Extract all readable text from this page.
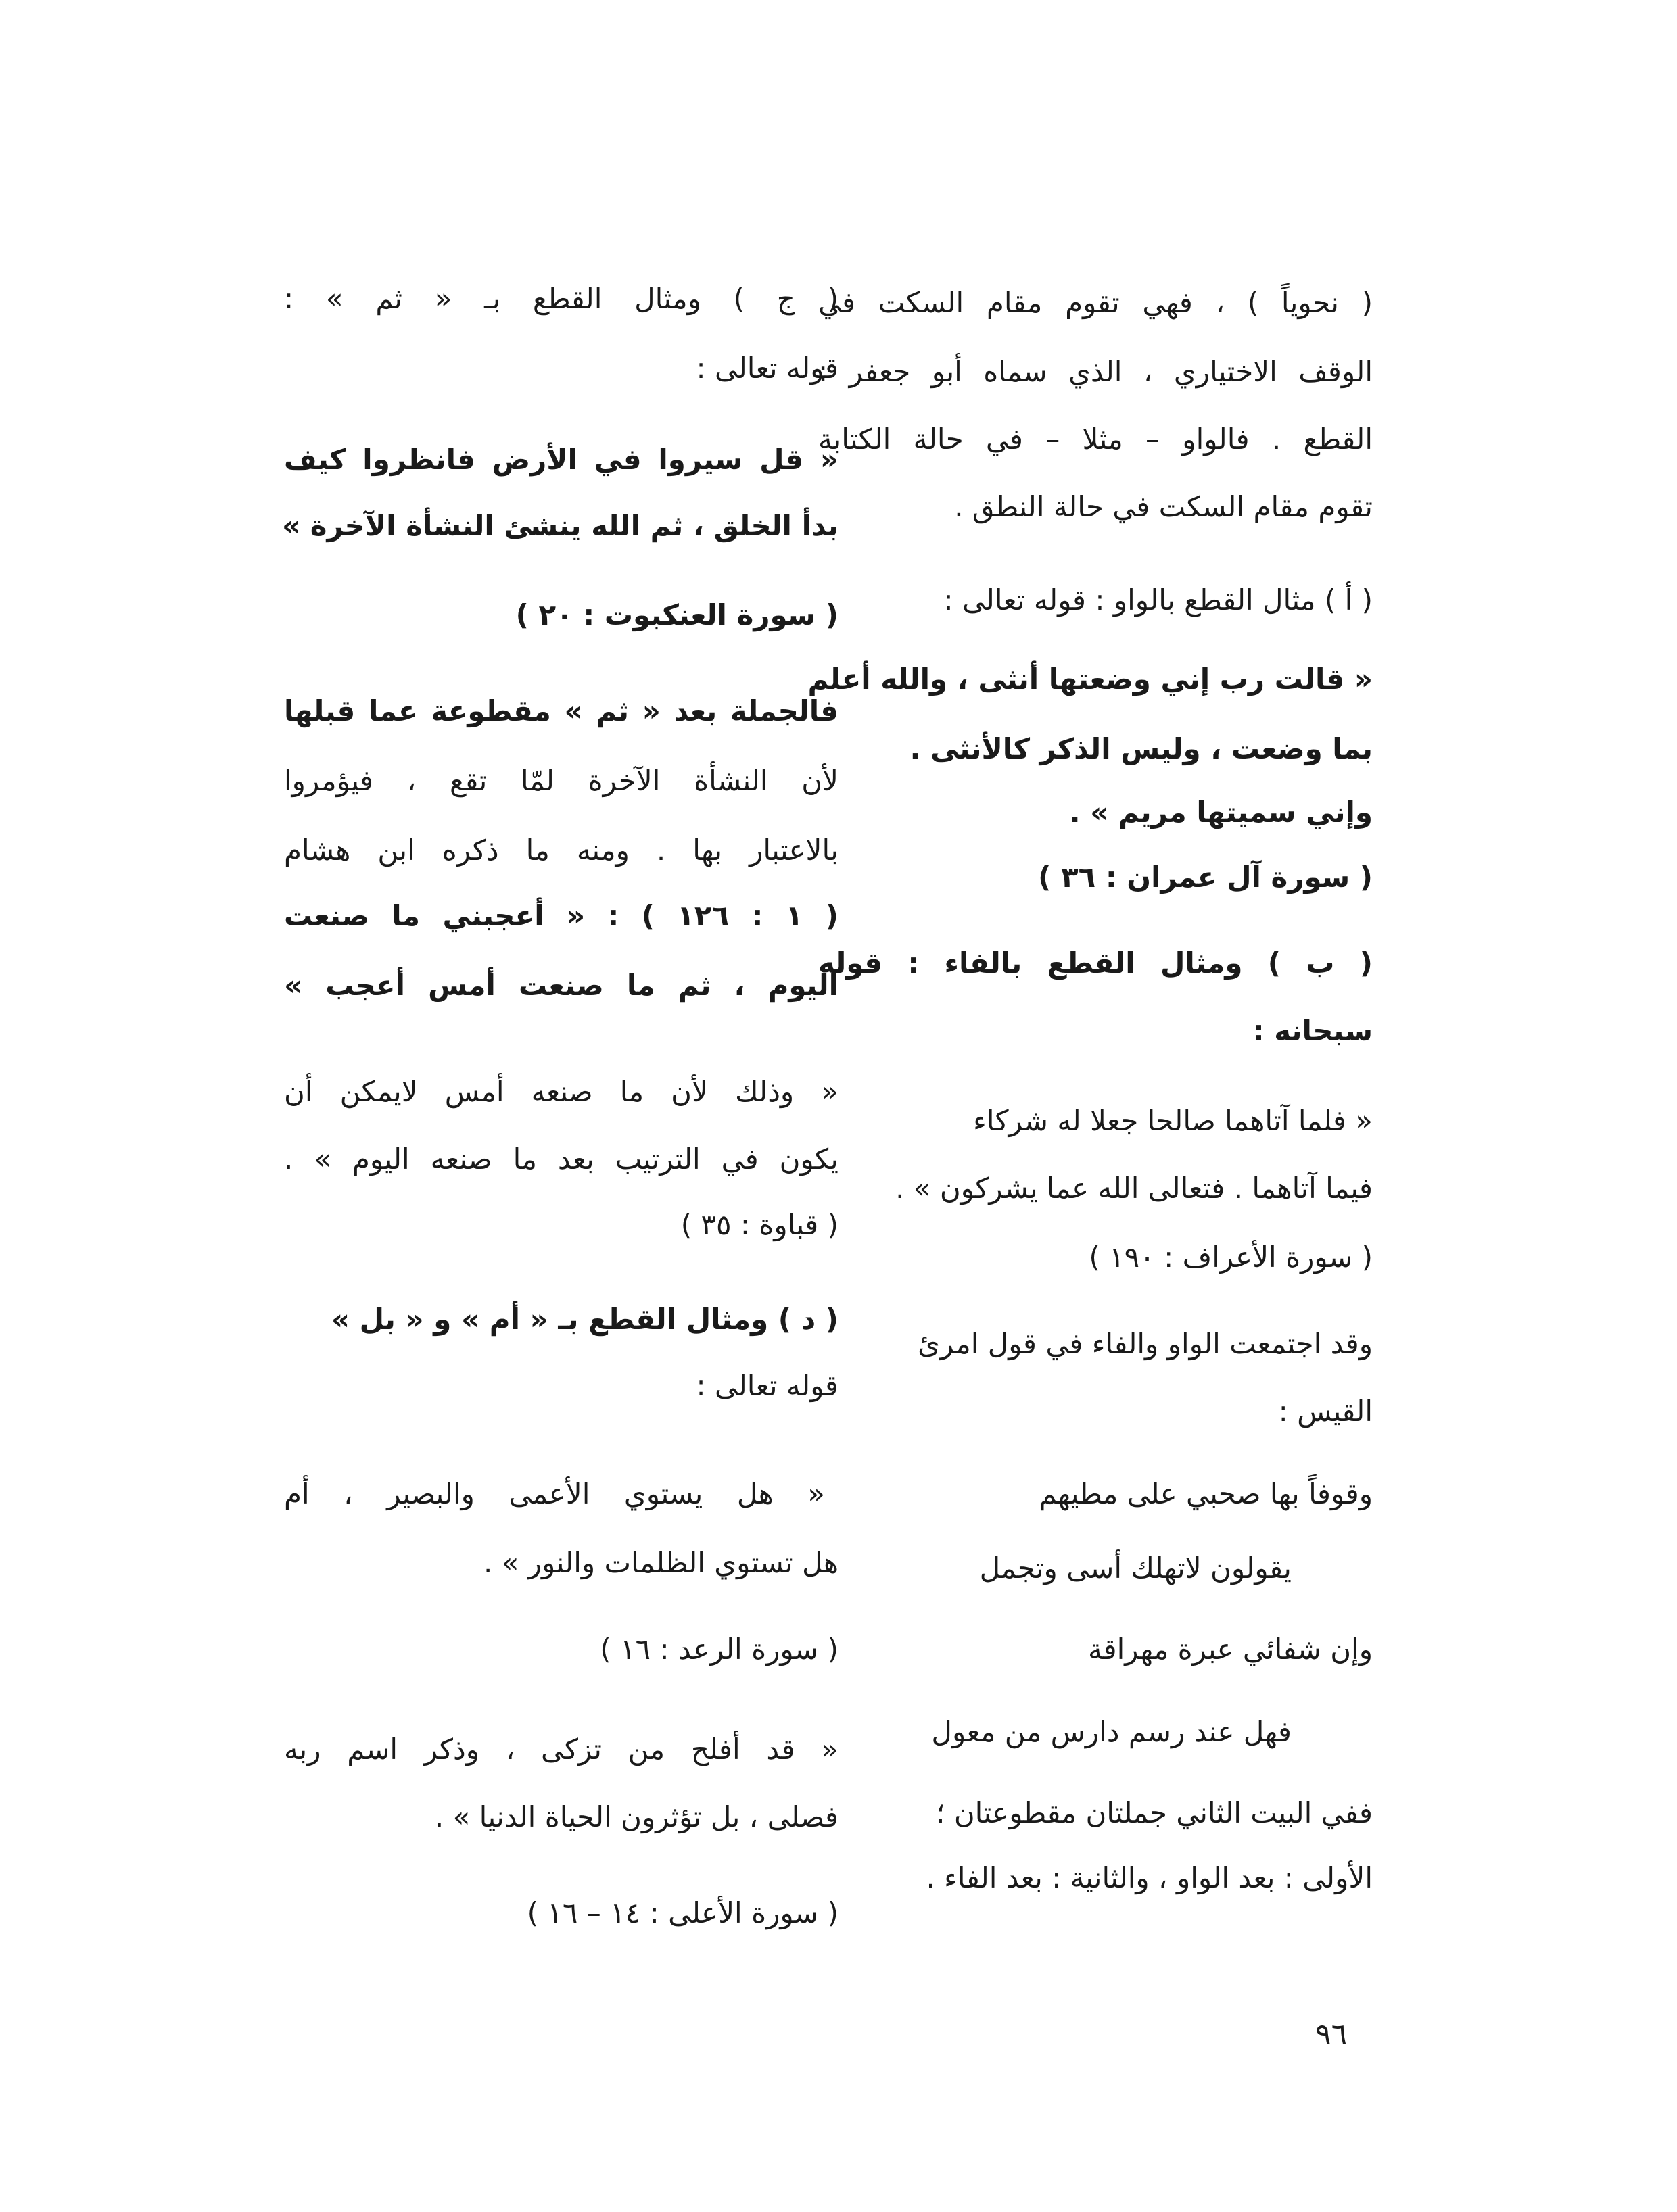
( نحوياً ) ، فهي تقوم مقام السكت في
الوقف الاختياري ، الذي سماه أبو جعفر :
القطع . فالواو – مثلا – في حالة الكتابة
تقوم مقام السكت في حالة النطق .
( أ ) مثال القطع بالواو : قوله تعالى :
« قالت رب إني وضعتها أنثى ، والله أعلم
بما وضعت ، وليس الذكر كالأنثى .
وإني سميتها مريم » .
( سورة آل عمران : ٣٦ )
( ب ) ومثال القطع بالفاء : قوله
سبحانه :
« فلما آتاهما صالحا جعلا له شركاء
فيما آتاهما . فتعالى الله عما يشركون » .
( سورة الأعراف : ١٩٠ )
وقد اجتمعت الواو والفاء في قول امرئ
القيس :
وقوفاً بها صحبي على مطيهم
يقولون لاتهلك أسى وتجمل
وإن شفائي عبرة مهراقة
فهل عند رسم دارس من معول
ففي البيت الثاني جملتان مقطوعتان ؛
الأولى : بعد الواو ، والثانية : بعد الفاء .
( ج ) ومثال القطع بـ « ثم » :
قوله تعالى :
« قل سيروا في الأرض فانظروا كيف
بدأ الخلق ، ثم الله ينشئ النشأة الآخرة »
( سورة العنكبوت : ٢٠ )
فالجملة بعد « ثم » مقطوعة عما قبلها
لأن النشأة الآخرة لمّا تقع ، فيؤمروا
بالاعتبار بها . ومنه ما ذكره ابن هشام
( ١ : ١٢٦ ) : « أعجبني ما صنعت
اليوم ، ثم ما صنعت أمس أعجب »
« وذلك لأن ما صنعه أمس لايمكن أن
يكون في الترتيب بعد ما صنعه اليوم » .
( قباوة : ٣٥ )
( د ) ومثال القطع بـ « أم » و « بل »
قوله تعالى :
« هل يستوي الأعمى والبصير ، أم
هل تستوي الظلمات والنور » .
( سورة الرعد : ١٦ )
« قد أفلح من تزكى ، وذكر اسم ربه
فصلى ، بل تؤثرون الحياة الدنيا » .
( سورة الأعلى : ١٤ – ١٦ )
٩٦
